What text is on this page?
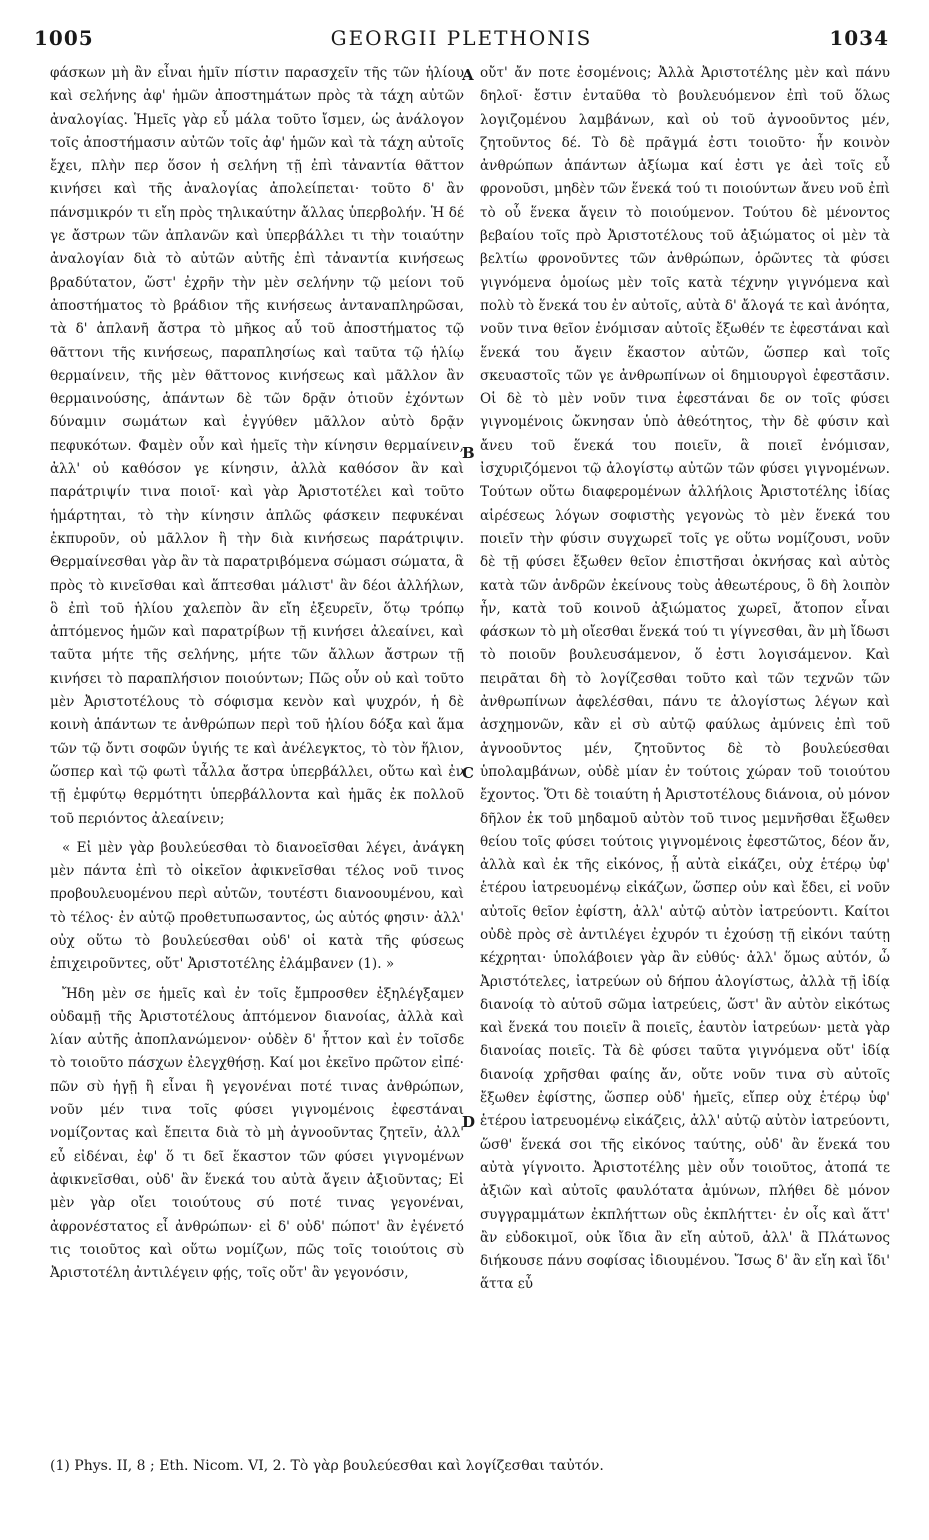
1005	GEORGII PLETHONIS	1034

φάσκων μὴ ἂν εἶναι ἡμῖν πίστιν παρασχεῖν τῆς τῶν ἡλίου καὶ σελήνης ἀφ' ἡμῶν ἀποστημάτων πρὸς τὰ τάχη αὐτῶν ἀναλογίας. Ἡμεῖς γὰρ εὖ μάλα τοῦτο ἴσμεν, ὡς ἀνάλογον τοῖς ἀποστήμασιν αὐτῶν τοῖς ἀφ' ἡμῶν καὶ τὰ τάχη αὐτοῖς ἔχει, πλὴν περ ὅσον ἡ σελήνη τῇ ἐπὶ τἀναντία θᾶττον κινήσει καὶ τῆς ἀναλογίας ἀπολείπεται· τοῦτο δ' ἂν πάνσμικρόν τι εἴη πρὸς τηλικαύτην ἄλλας ὑπερβολήν. Ἡ δέ γε ἄστρων τῶν ἀπλανῶν καὶ ὑπερβάλλει τι τὴν τοιαύτην ἀναλογίαν διὰ τὸ αὐτῶν αὐτῆς ἐπὶ τἀναντία κινήσεως βραδύτατον, ὥστ' ἐχρῆν τὴν μὲν σελήνην τῷ μείονι τοῦ ἀποστήματος τὸ βράδιον τῆς κινήσεως ἀνταναπληρῶσαι, τὰ δ' ἀπλανῆ ἄστρα τὸ μῆκος αὖ τοῦ ἀποστήματος τῷ θᾶττονι τῆς κινήσεως, παραπλησίως καὶ ταῦτα τῷ ἡλίῳ θερμαίνειν, τῆς μὲν θᾶττονος κινήσεως καὶ μᾶλλον ἂν θερμαινούσης, ἁπάντων δὲ τῶν δρᾷν ὁτιοῦν ἐχόντων δύναμιν σωμάτων καὶ ἐγγύθεν μᾶλλον αὐτὸ δρᾷν πεφυκότων. Φαμὲν οὖν καὶ ἡμεῖς τὴν κίνησιν θερμαίνειν, ἀλλ' οὐ καθόσον γε κίνησιν, ἀλλὰ καθόσον ἂν καὶ παράτριψίν τινα ποιοῖ· καὶ γὰρ Ἀριστοτέλει καὶ τοῦτο ἡμάρτηται, τὸ τὴν κίνησιν ἁπλῶς φάσκειν πεφυκέναι ἐκπυροῦν, οὐ μᾶλλον ἢ τὴν διὰ κινήσεως παράτριψιν. Θερμαίνεσθαι γὰρ ἂν τὰ παρατριβόμενα σώμασι σώματα, ἃ πρὸς τὸ κινεῖσθαι καὶ ἅπτεσθαι μάλιστ' ἂν δέοι ἀλλήλων, ὃ ἐπὶ τοῦ ἡλίου χαλεπὸν ἂν εἴη ἐξευρεῖν, ὅτῳ τρόπῳ ἁπτόμενος ἡμῶν καὶ παρατρίβων τῇ κινήσει ἀλεαίνει, καὶ ταῦτα μήτε τῆς σελήνης, μήτε τῶν ἄλλων ἄστρων τῇ κινήσει τὸ παραπλήσιον ποιούντων; Πῶς οὖν οὐ καὶ τοῦτο μὲν Ἀριστοτέλους τὸ σόφισμα κενὸν καὶ ψυχρόν, ἡ δὲ κοινὴ ἁπάντων τε ἀνθρώπων περὶ τοῦ ἡλίου δόξα καὶ ἅμα τῶν τῷ ὄντι σοφῶν ὑγιής τε καὶ ἀνέλεγκτος, τὸ τὸν ἥλιον, ὥσπερ καὶ τῷ φωτὶ τἆλλα ἄστρα ὑπερβάλλει, οὕτω καὶ ἐν τῇ ἐμφύτῳ θερμότητι ὑπερβάλλοντα καὶ ἡμᾶς ἐκ πολλοῦ τοῦ περιόντος ἀλεαίνειν;

« Εἰ μὲν γὰρ βουλεύεσθαι τὸ διανοεῖσθαι λέγει, ἀνάγκη μὲν πάντα ἐπὶ τὸ οἰκεῖον ἀφικνεῖσθαι τέλος νοῦ τινος προβουλευομένου περὶ αὐτῶν, τουτέστι διανοουμένου, καὶ τὸ τέλος· ἐν αὐτῷ προθετυπωσαντος, ὡς αὐτός φησιν· ἀλλ' οὐχ οὕτω τὸ βουλεύεσθαι οὐδ' οἱ κατὰ τῆς φύσεως ἐπιχειροῦντες, οὔτ' Ἀριστοτέλης ἐλάμβανεν (1). »

Ἤδη μὲν σε ἡμεῖς καὶ ἐν τοῖς ἔμπροσθεν ἐξηλέγξαμεν οὐδαμῇ τῆς Ἀριστοτέλους ἁπτόμενον διανοίας, ἀλλὰ καὶ λίαν αὐτῆς ἀποπλανώμενον· οὐδὲν δ' ἧττον καὶ ἐν τοῖσδε τὸ τοιοῦτο πάσχων ἐλεγχθήσῃ. Καί μοι ἐκεῖνο πρῶτον εἰπέ· πῶν σὺ ἡγῇ ἢ εἶναι ἢ γεγονέναι ποτέ τινας ἀνθρώπων, νοῦν μέν τινα τοῖς φύσει γιγνομένοις ἐφεστάναι νομίζοντας καὶ ἔπειτα διὰ τὸ μὴ ἀγνοοῦντας ζητεῖν, ἀλλ' εὖ εἰδέναι, ἐφ' ὅ τι δεῖ ἕκαστον τῶν φύσει γιγνομένων ἀφικνεῖσθαι, οὐδ' ἂν ἕνεκά του αὐτὰ ἄγειν ἀξιοῦντας; Εἰ μὲν γὰρ οἴει τοιούτους σύ ποτέ τινας γεγονέναι, ἀφρονέστατος εἶ ἀνθρώπων· εἰ δ' οὐδ' πώποτ' ἂν ἐγένετό τις τοιοῦτος καὶ οὕτω νομίζων, πῶς τοῖς τοιούτοις σὺ Ἀριστοτέλη ἀντιλέγειν φῄς, τοῖς οὔτ' ἂν γεγονόσιν,

A
B
C
D

οὔτ' ἄν ποτε ἐσομένοις; Ἀλλὰ Ἀριστοτέλης μὲν καὶ πάνυ δηλοῖ· ἔστιν ἐνταῦθα τὸ βουλευόμενον ἐπὶ τοῦ ὅλως λογιζομένου λαμβάνων, καὶ οὐ τοῦ ἀγνοοῦντος μέν, ζητοῦντος δέ. Τὸ δὲ πρᾶγμά ἐστι τοιοῦτο· ἦν κοινὸν ἀνθρώπων ἁπάντων ἀξίωμα καί ἐστι γε ἀεὶ τοῖς εὖ φρονοῦσι, μηδὲν τῶν ἕνεκά τού τι ποιούντων ἄνευ νοῦ ἐπὶ τὸ οὗ ἕνεκα ἄγειν τὸ ποιούμενον. Τούτου δὲ μένοντος βεβαίου τοῖς πρὸ Ἀριστοτέλους τοῦ ἀξιώματος οἱ μὲν τὰ βελτίω φρονοῦντες τῶν ἀνθρώπων, ὁρῶντες τὰ φύσει γιγνόμενα ὁμοίως μὲν τοῖς κατὰ τέχνην γιγνόμενα καὶ πολὺ τὸ ἕνεκά του ἐν αὐτοῖς, αὐτὰ δ' ἄλογά τε καὶ ἀνόητα, νοῦν τινα θεῖον ἐνόμισαν αὐτοῖς ἔξωθέν τε ἐφεστάναι καὶ ἕνεκά του ἄγειν ἕκαστον αὐτῶν, ὥσπερ καὶ τοῖς σκευαστοῖς τῶν γε ἀνθρωπίνων οἱ δημιουργοὶ ἐφεστᾶσιν. Οἱ δὲ τὸ μὲν νοῦν τινα ἐφεστάναι δε ον τοῖς φύσει γιγνομένοις ὤκνησαν ὑπὸ ἀθεότητος, τὴν δὲ φύσιν καὶ ἄνευ τοῦ ἕνεκά του ποιεῖν, ἃ ποιεῖ ἐνόμισαν, ἰσχυριζόμενοι τῷ ἀλογίστῳ αὐτῶν τῶν φύσει γιγνομένων. Τούτων οὕτω διαφερομένων ἀλλήλοις Ἀριστοτέλης ἰδίας αἱρέσεως λόγων σοφιστὴς γεγονὼς τὸ μὲν ἕνεκά του ποιεῖν τὴν φύσιν συγχωρεῖ τοῖς γε οὕτω νομίζουσι, νοῦν δὲ τῇ φύσει ἔξωθεν θεῖον ἐπιστῆσαι ὀκνήσας καὶ αὐτὸς κατὰ τῶν ἀνδρῶν ἐκείνους τοὺς ἀθεωτέρους, ὃ δὴ λοιπὸν ἦν, κατὰ τοῦ κοινοῦ ἀξιώματος χωρεῖ, ἄτοπον εἶναι φάσκων τὸ μὴ οἴεσθαι ἕνεκά τού τι γίγνεσθαι, ἂν μὴ ἴδωσι τὸ ποιοῦν βουλευσάμενον, ὅ ἐστι λογισάμενον. Καὶ πειρᾶται δὴ τὸ λογίζεσθαι τοῦτο καὶ τῶν τεχνῶν τῶν ἀνθρωπίνων ἀφελέσθαι, πάνυ τε ἀλογίστως λέγων καὶ ἀσχημονῶν, κἂν εἰ σὺ αὐτῷ φαύλως ἀμύνεις ἐπὶ τοῦ ἀγνοοῦντος μέν, ζητοῦντος δὲ τὸ βουλεύεσθαι ὑπολαμβάνων, οὐδὲ μίαν ἐν τούτοις χώραν τοῦ τοιούτου ἔχοντος. Ὅτι δὲ τοιαύτη ἡ Ἀριστοτέλους διάνοια, οὐ μόνον δῆλον ἐκ τοῦ μηδαμοῦ αὐτὸν τοῦ τινος μεμνῆσθαι ἔξωθεν θείου τοῖς φύσει τούτοις γιγνομένοις ἐφεστῶτος, δέον ἄν, ἀλλὰ καὶ ἐκ τῆς εἰκόνος, ᾗ αὐτὰ εἰκάζει, οὐχ ἑτέρῳ ὑφ' ἑτέρου ἰατρευομένῳ εἰκάζων, ὥσπερ οὐν καὶ ἔδει, εἰ νοῦν αὐτοῖς θεῖον ἐφίστη, ἀλλ' αὐτῷ αὐτὸν ἰατρεύοντι. Καίτοι οὐδὲ πρὸς σὲ ἀντιλέγει ἐχυρόν τι ἐχούσῃ τῇ εἰκόνι ταύτῃ κέχρηται· ὑπολάβοιεν γὰρ ἂν εὐθύς· ἀλλ' ὅμως αὐτόν, ὦ Ἀριστότελες, ἰατρεύων οὐ δήπου ἀλογίστως, ἀλλὰ τῇ ἰδίᾳ διανοίᾳ τὸ αὑτοῦ σῶμα ἰατρεύεις, ὥστ' ἂν αὐτὸν εἰκότως καὶ ἕνεκά του ποιεῖν ἃ ποιεῖς, ἑαυτὸν ἰατρεύων· μετὰ γὰρ διανοίας ποιεῖς. Τὰ δὲ φύσει ταῦτα γιγνόμενα οὔτ' ἰδίᾳ διανοίᾳ χρῆσθαι φαίης ἄν, οὔτε νοῦν τινα σὺ αὐτοῖς ἔξωθεν ἐφίστης, ὥσπερ οὐδ' ἡμεῖς, εἴπερ οὐχ ἑτέρῳ ὑφ' ἑτέρου ἰατρευομένῳ εἰκάζεις, ἀλλ' αὐτῷ αὐτὸν ἰατρεύοντι, ὥσθ' ἕνεκά σοι τῆς εἰκόνος ταύτης, οὐδ' ἂν ἕνεκά του αὐτὰ γίγνοιτο. Ἀριστοτέλης μὲν οὖν τοιοῦτος, ἀτοπά τε ἀξιῶν καὶ αὐτοῖς φαυλότατα ἀμύνων, πλήθει δὲ μόνον συγγραμμάτων ἐκπλήττων οὓς ἐκπλήττει· ἐν οἷς καὶ ἅττ' ἂν εὐδοκιμοῖ, οὐκ ἴδια ἂν εἴη αὐτοῦ, ἀλλ' ἃ Πλάτωνος διήκουσε πάνυ σοφίσας ἰδιουμένου. Ἴσως δ' ἂν εἴη καὶ ἴδι' ἅττα εὖ

(1) Phys. II, 8 ; Eth. Nicom. VI, 2. Τὸ γὰρ βουλεύεσθαι καὶ λογίζεσθαι ταὐτόν.
